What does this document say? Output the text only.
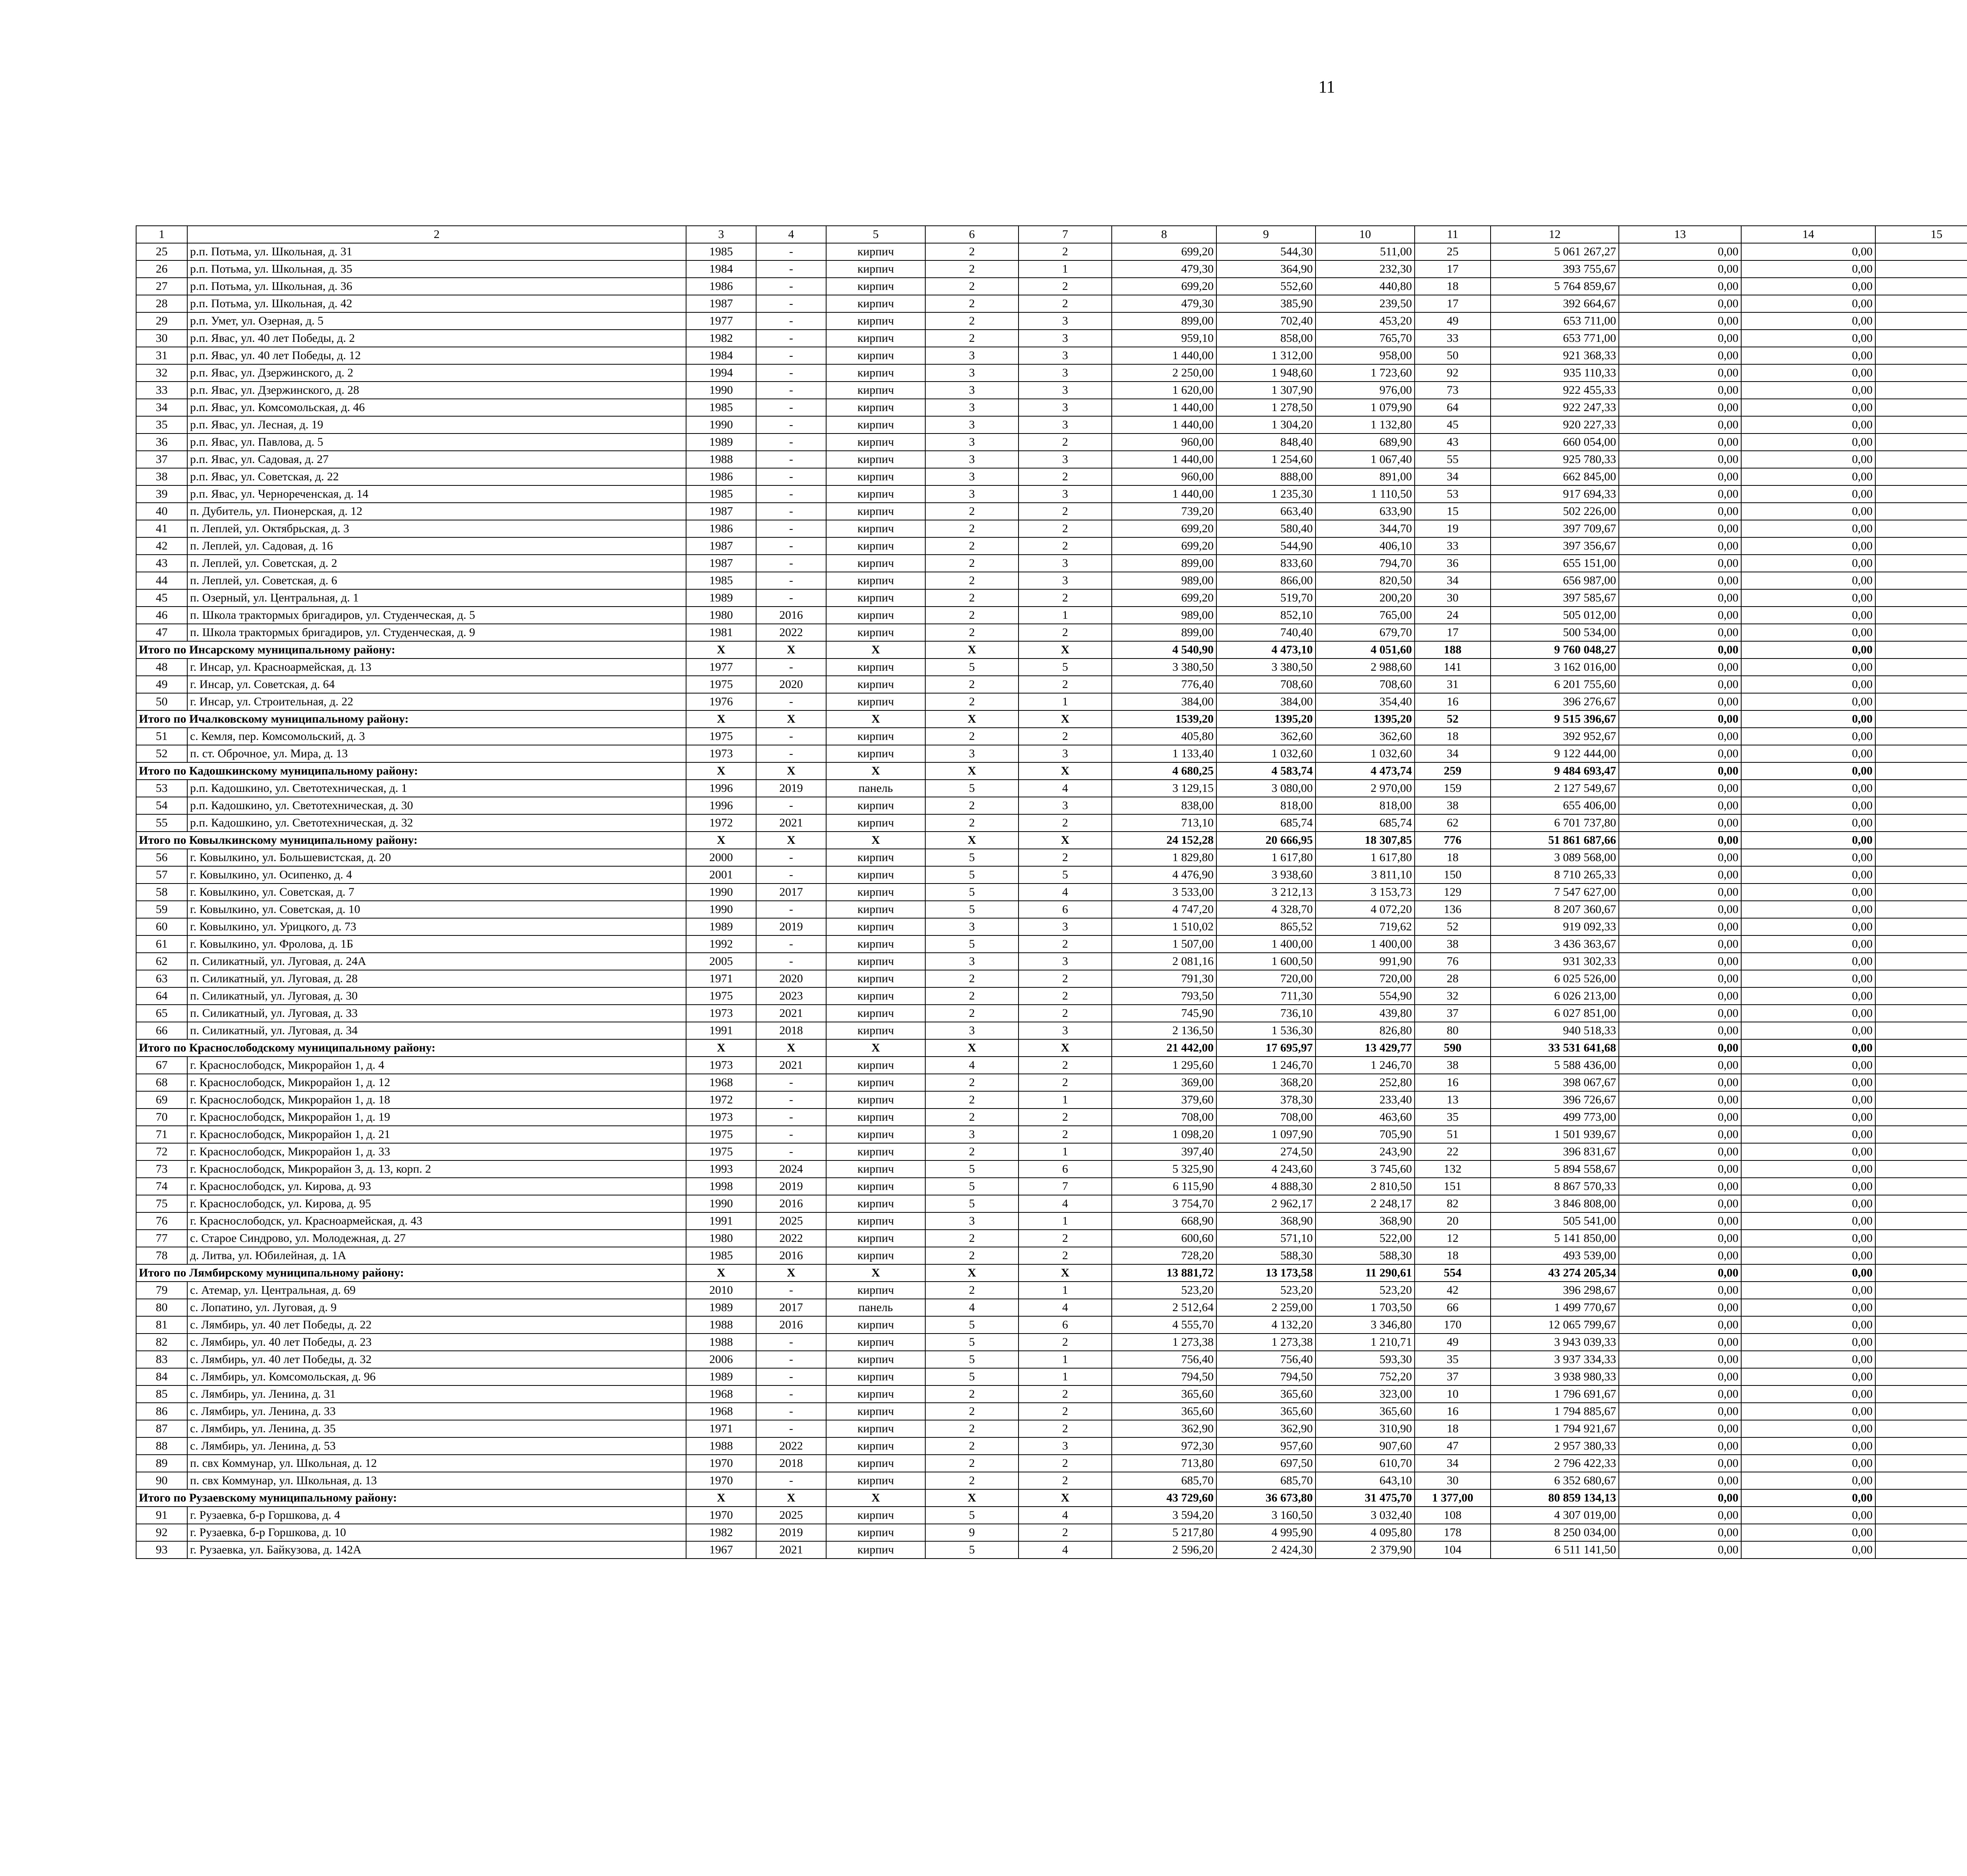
11
1	2	3	4	5	6	7	8	9	10	11	12	13	14	15				
25	р.п. Потьма, ул. Школьная, д. 31	1985	-	кирпич	2	2	699,20	544,30	511,00	25	5 061 267,27	0,00	0,00					
26	р.п. Потьма, ул. Школьная, д. 35	1984	-	кирпич	2	1	479,30	364,90	232,30	17	393 755,67	0,00	0,00					
27	р.п. Потьма, ул. Школьная, д. 36	1986	-	кирпич	2	2	699,20	552,60	440,80	18	5 764 859,67	0,00	0,00					
28	р.п. Потьма, ул. Школьная, д. 42	1987	-	кирпич	2	2	479,30	385,90	239,50	17	392 664,67	0,00	0,00					
29	р.п. Умет, ул. Озерная, д. 5	1977	-	кирпич	2	3	899,00	702,40	453,20	49	653 711,00	0,00	0,00					
30	р.п. Явас, ул. 40 лет Победы, д. 2	1982	-	кирпич	2	3	959,10	858,00	765,70	33	653 771,00	0,00	0,00					
31	р.п. Явас, ул. 40 лет Победы, д. 12	1984	-	кирпич	3	3	1 440,00	1 312,00	958,00	50	921 368,33	0,00	0,00					
32	р.п. Явас, ул. Дзержинского, д. 2	1994	-	кирпич	3	3	2 250,00	1 948,60	1 723,60	92	935 110,33	0,00	0,00					
33	р.п. Явас, ул. Дзержинского, д. 28	1990	-	кирпич	3	3	1 620,00	1 307,90	976,00	73	922 455,33	0,00	0,00					
34	р.п. Явас, ул. Комсомольская, д. 46	1985	-	кирпич	3	3	1 440,00	1 278,50	1 079,90	64	922 247,33	0,00	0,00					
35	р.п. Явас, ул. Лесная, д. 19	1990	-	кирпич	3	3	1 440,00	1 304,20	1 132,80	45	920 227,33	0,00	0,00					
36	р.п. Явас, ул. Павлова, д. 5	1989	-	кирпич	3	2	960,00	848,40	689,90	43	660 054,00	0,00	0,00					
37	р.п. Явас, ул. Садовая, д. 27	1988	-	кирпич	3	3	1 440,00	1 254,60	1 067,40	55	925 780,33	0,00	0,00					
38	р.п. Явас, ул. Советская, д. 22	1986	-	кирпич	3	2	960,00	888,00	891,00	34	662 845,00	0,00	0,00					
39	р.п. Явас, ул. Чернореченская, д. 14	1985	-	кирпич	3	3	1 440,00	1 235,30	1 110,50	53	917 694,33	0,00	0,00					
40	п. Дубитель, ул. Пионерская, д. 12	1987	-	кирпич	2	2	739,20	663,40	633,90	15	502 226,00	0,00	0,00					
41	п. Леплей, ул. Октябрьская, д. 3	1986	-	кирпич	2	2	699,20	580,40	344,70	19	397 709,67	0,00	0,00					
42	п. Леплей, ул. Садовая, д. 16	1987	-	кирпич	2	2	699,20	544,90	406,10	33	397 356,67	0,00	0,00					
43	п. Леплей, ул. Советская, д. 2	1987	-	кирпич	2	3	899,00	833,60	794,70	36	655 151,00	0,00	0,00					
44	п. Леплей, ул. Советская, д. 6	1985	-	кирпич	2	3	989,00	866,00	820,50	34	656 987,00	0,00	0,00					
45	п. Озерный, ул. Центральная, д. 1	1989	-	кирпич	2	2	699,20	519,70	200,20	30	397 585,67	0,00	0,00					
46	п. Школа трактормых бригадиров, ул. Студенческая, д. 5	1980	2016	кирпич	2	1	989,00	852,10	765,00	24	505 012,00	0,00	0,00					
47	п. Школа трактормых бригадиров, ул. Студенческая, д. 9	1981	2022	кирпич	2	2	899,00	740,40	679,70	17	500 534,00	0,00	0,00					
Итого по Инсарскому муниципальному району:		X	X	X	X	X	4 540,90	4 473,10	4 051,60	188	9 760 048,27	0,00	0,00					
48	г. Инсар, ул. Красноармейская, д. 13	1977	-	кирпич	5	5	3 380,50	3 380,50	2 988,60	141	3 162 016,00	0,00	0,00					
49	г. Инсар, ул. Советская, д. 64	1975	2020	кирпич	2	2	776,40	708,60	708,60	31	6 201 755,60	0,00	0,00					
50	г. Инсар, ул. Строительная, д. 22	1976	-	кирпич	2	1	384,00	384,00	354,40	16	396 276,67	0,00	0,00					
Итого по Ичалковскому муниципальному району:		X	X	X	X	X	1539,20	1395,20	1395,20	52	9 515 396,67	0,00	0,00					
51	с. Кемля, пер. Комсомольский, д. 3	1975	-	кирпич	2	2	405,80	362,60	362,60	18	392 952,67	0,00	0,00					
52	п. ст. Оброчное, ул. Мира, д. 13	1973	-	кирпич	3	3	1 133,40	1 032,60	1 032,60	34	9 122 444,00	0,00	0,00					
Итого по Кадошкинскому муниципальному району:		X	X	X	X	X	4 680,25	4 583,74	4 473,74	259	9 484 693,47	0,00	0,00					
53	р.п. Кадошкино, ул. Светотехническая, д. 1	1996	2019	панель	5	4	3 129,15	3 080,00	2 970,00	159	2 127 549,67	0,00	0,00					
54	р.п. Кадошкино, ул. Светотехническая, д. 30	1996	-	кирпич	2	3	838,00	818,00	818,00	38	655 406,00	0,00	0,00					
55	р.п. Кадошкино, ул. Светотехническая, д. 32	1972	2021	кирпич	2	2	713,10	685,74	685,74	62	6 701 737,80	0,00	0,00					
Итого по Ковылкинскому муниципальному району:		X	X	X	X	X	24 152,28	20 666,95	18 307,85	776	51 861 687,66	0,00	0,00					
56	г. Ковылкино, ул. Большевистская, д. 20	2000	-	кирпич	5	2	1 829,80	1 617,80	1 617,80	18	3 089 568,00	0,00	0,00					
57	г. Ковылкино, ул. Осипенко, д. 4	2001	-	кирпич	5	5	4 476,90	3 938,60	3 811,10	150	8 710 265,33	0,00	0,00					
58	г. Ковылкино, ул. Советская, д. 7	1990	2017	кирпич	5	4	3 533,00	3 212,13	3 153,73	129	7 547 627,00	0,00	0,00					
59	г. Ковылкино, ул. Советская, д. 10	1990	-	кирпич	5	6	4 747,20	4 328,70	4 072,20	136	8 207 360,67	0,00	0,00					
60	г. Ковылкино, ул. Урицкого, д. 73	1989	2019	кирпич	3	3	1 510,02	865,52	719,62	52	919 092,33	0,00	0,00					
61	г. Ковылкино, ул. Фролова, д. 1Б	1992	-	кирпич	5	2	1 507,00	1 400,00	1 400,00	38	3 436 363,67	0,00	0,00					
62	п. Силикатный, ул. Луговая, д. 24А	2005	-	кирпич	3	3	2 081,16	1 600,50	991,90	76	931 302,33	0,00	0,00					
63	п. Силикатный, ул. Луговая, д. 28	1971	2020	кирпич	2	2	791,30	720,00	720,00	28	6 025 526,00	0,00	0,00					
64	п. Силикатный, ул. Луговая, д. 30	1975	2023	кирпич	2	2	793,50	711,30	554,90	32	6 026 213,00	0,00	0,00					
65	п. Силикатный, ул. Луговая, д. 33	1973	2021	кирпич	2	2	745,90	736,10	439,80	37	6 027 851,00	0,00	0,00					
66	п. Силикатный, ул. Луговая, д. 34	1991	2018	кирпич	3	3	2 136,50	1 536,30	826,80	80	940 518,33	0,00	0,00					
Итого по Краснослободскому муниципальному району:		X	X	X	X	X	21 442,00	17 695,97	13 429,77	590	33 531 641,68	0,00	0,00					
67	г. Краснослободск, Микрорайон 1, д. 4	1973	2021	кирпич	4	2	1 295,60	1 246,70	1 246,70	38	5 588 436,00	0,00	0,00					
68	г. Краснослободск, Микрорайон 1, д. 12	1968	-	кирпич	2	2	369,00	368,20	252,80	16	398 067,67	0,00	0,00					
69	г. Краснослободск, Микрорайон 1, д. 18	1972	-	кирпич	2	1	379,60	378,30	233,40	13	396 726,67	0,00	0,00					
70	г. Краснослободск, Микрорайон 1, д. 19	1973	-	кирпич	2	2	708,00	708,00	463,60	35	499 773,00	0,00	0,00					
71	г. Краснослободск, Микрорайон 1, д. 21	1975	-	кирпич	3	2	1 098,20	1 097,90	705,90	51	1 501 939,67	0,00	0,00					
72	г. Краснослободск, Микрорайон 1, д. 33	1975	-	кирпич	2	1	397,40	274,50	243,90	22	396 831,67	0,00	0,00					
73	г. Краснослободск, Микрорайон 3, д. 13, корп. 2	1993	2024	кирпич	5	6	5 325,90	4 243,60	3 745,60	132	5 894 558,67	0,00	0,00					
74	г. Краснослободск, ул. Кирова, д. 93	1998	2019	кирпич	5	7	6 115,90	4 888,30	2 810,50	151	8 867 570,33	0,00	0,00					
75	г. Краснослободск, ул. Кирова, д. 95	1990	2016	кирпич	5	4	3 754,70	2 962,17	2 248,17	82	3 846 808,00	0,00	0,00					
76	г. Краснослободск, ул. Красноармейская, д. 43	1991	2025	кирпич	3	1	668,90	368,90	368,90	20	505 541,00	0,00	0,00					
77	с. Старое Синдрово, ул. Молодежная, д. 27	1980	2022	кирпич	2	2	600,60	571,10	522,00	12	5 141 850,00	0,00	0,00					
78	д. Литва, ул. Юбилейная, д. 1А	1985	2016	кирпич	2	2	728,20	588,30	588,30	18	493 539,00	0,00	0,00					
Итого по Лямбирскому муниципальному району:		X	X	X	X	X	13 881,72	13 173,58	11 290,61	554	43 274 205,34	0,00	0,00					
79	с. Атемар, ул. Центральная, д. 69	2010	-	кирпич	2	1	523,20	523,20	523,20	42	396 298,67	0,00	0,00					
80	с. Лопатино, ул. Луговая, д. 9	1989	2017	панель	4	4	2 512,64	2 259,00	1 703,50	66	1 499 770,67	0,00	0,00					
81	с. Лямбирь, ул. 40 лет Победы, д. 22	1988	2016	кирпич	5	6	4 555,70	4 132,20	3 346,80	170	12 065 799,67	0,00	0,00					
82	с. Лямбирь, ул. 40 лет Победы, д. 23	1988	-	кирпич	5	2	1 273,38	1 273,38	1 210,71	49	3 943 039,33	0,00	0,00					
83	с. Лямбирь, ул. 40 лет Победы, д. 32	2006	-	кирпич	5	1	756,40	756,40	593,30	35	3 937 334,33	0,00	0,00					
84	с. Лямбирь, ул. Комсомольская, д. 96	1989	-	кирпич	5	1	794,50	794,50	752,20	37	3 938 980,33	0,00	0,00					
85	с. Лямбирь, ул. Ленина, д. 31	1968	-	кирпич	2	2	365,60	365,60	323,00	10	1 796 691,67	0,00	0,00					
86	с. Лямбирь, ул. Ленина, д. 33	1968	-	кирпич	2	2	365,60	365,60	365,60	16	1 794 885,67	0,00	0,00					
87	с. Лямбирь, ул. Ленина, д. 35	1971	-	кирпич	2	2	362,90	362,90	310,90	18	1 794 921,67	0,00	0,00					
88	с. Лямбирь, ул. Ленина, д. 53	1988	2022	кирпич	2	3	972,30	957,60	907,60	47	2 957 380,33	0,00	0,00					
89	п. свх Коммунар, ул. Школьная, д. 12	1970	2018	кирпич	2	2	713,80	697,50	610,70	34	2 796 422,33	0,00	0,00					
90	п. свх Коммунар, ул. Школьная, д. 13	1970	-	кирпич	2	2	685,70	685,70	643,10	30	6 352 680,67	0,00	0,00					
Итого по Рузаевскому муниципальному району:		X	X	X	X	X	43 729,60	36 673,80	31 475,70	1 377,00	80 859 134,13	0,00	0,00					
91	г. Рузаевка, б-р Горшкова, д. 4	1970	2025	кирпич	5	4	3 594,20	3 160,50	3 032,40	108	4 307 019,00	0,00	0,00					
92	г. Рузаевка, б-р Горшкова, д. 10	1982	2019	кирпич	9	2	5 217,80	4 995,90	4 095,80	178	8 250 034,00	0,00	0,00					
93	г. Рузаевка, ул. Байкузова, д. 142А	1967	2021	кирпич	5	4	2 596,20	2 424,30	2 379,90	104	6 511 141,50	0,00	0,00					
